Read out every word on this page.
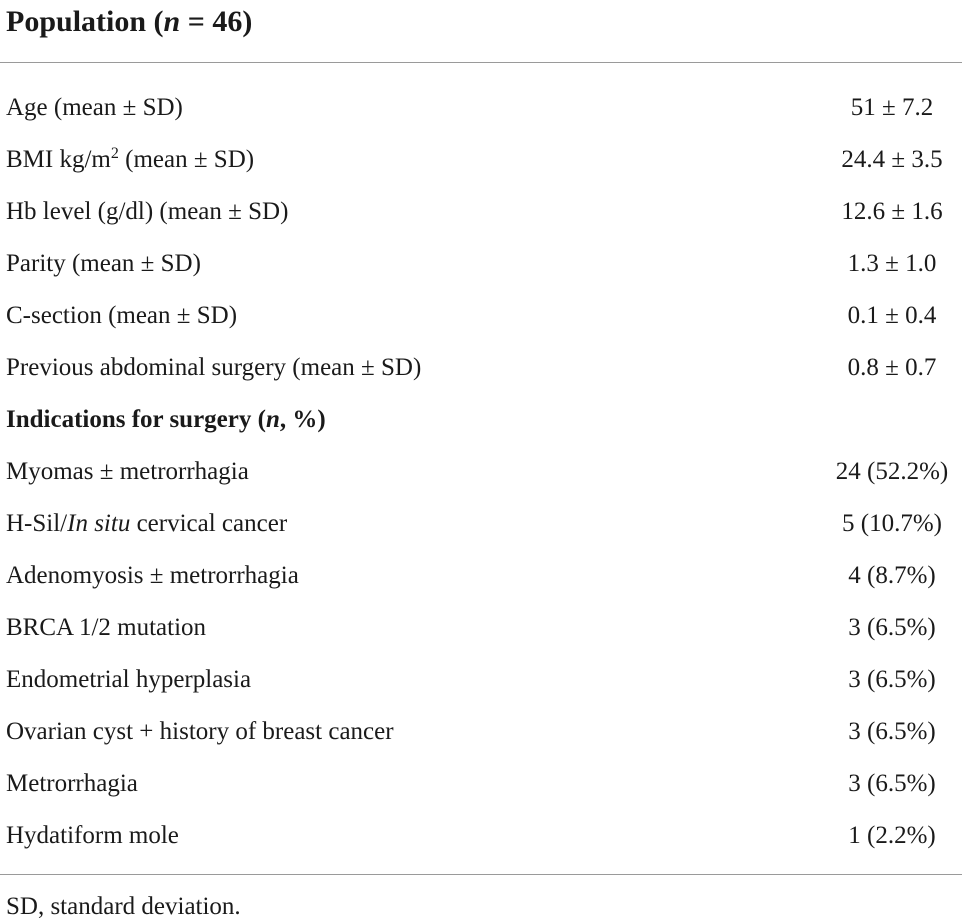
Population (n = 46)
Age (mean ± SD)	51 ± 7.2
BMI $kg/m^2$ (mean ± SD)	24.4 ± 3.5
Hb level (g/dl) (mean ± SD)	12.6 ± 1.6
Parity (mean ± SD)	1.3 ± 1.0
C-section (mean ± SD)	0.1 ± 0.4
Previous abdominal surgery (mean ± SD)	0.8 ± 0.7
Indications for surgery (n, %)
Myomas ± metrorrhagia	24 (52.2%)
H-Sil/In situ cervical cancer	5 (10.7%)
Adenomyosis ± metrorrhagia	4 (8.7%)
BRCA 1/2 mutation	3 (6.5%)
Endometrial hyperplasia	3 (6.5%)
Ovarian cyst + history of breast cancer	3 (6.5%)
Metrorrhagia	3 (6.5%)
Hydatiform mole	1 (2.2%)
SD, standard deviation.
